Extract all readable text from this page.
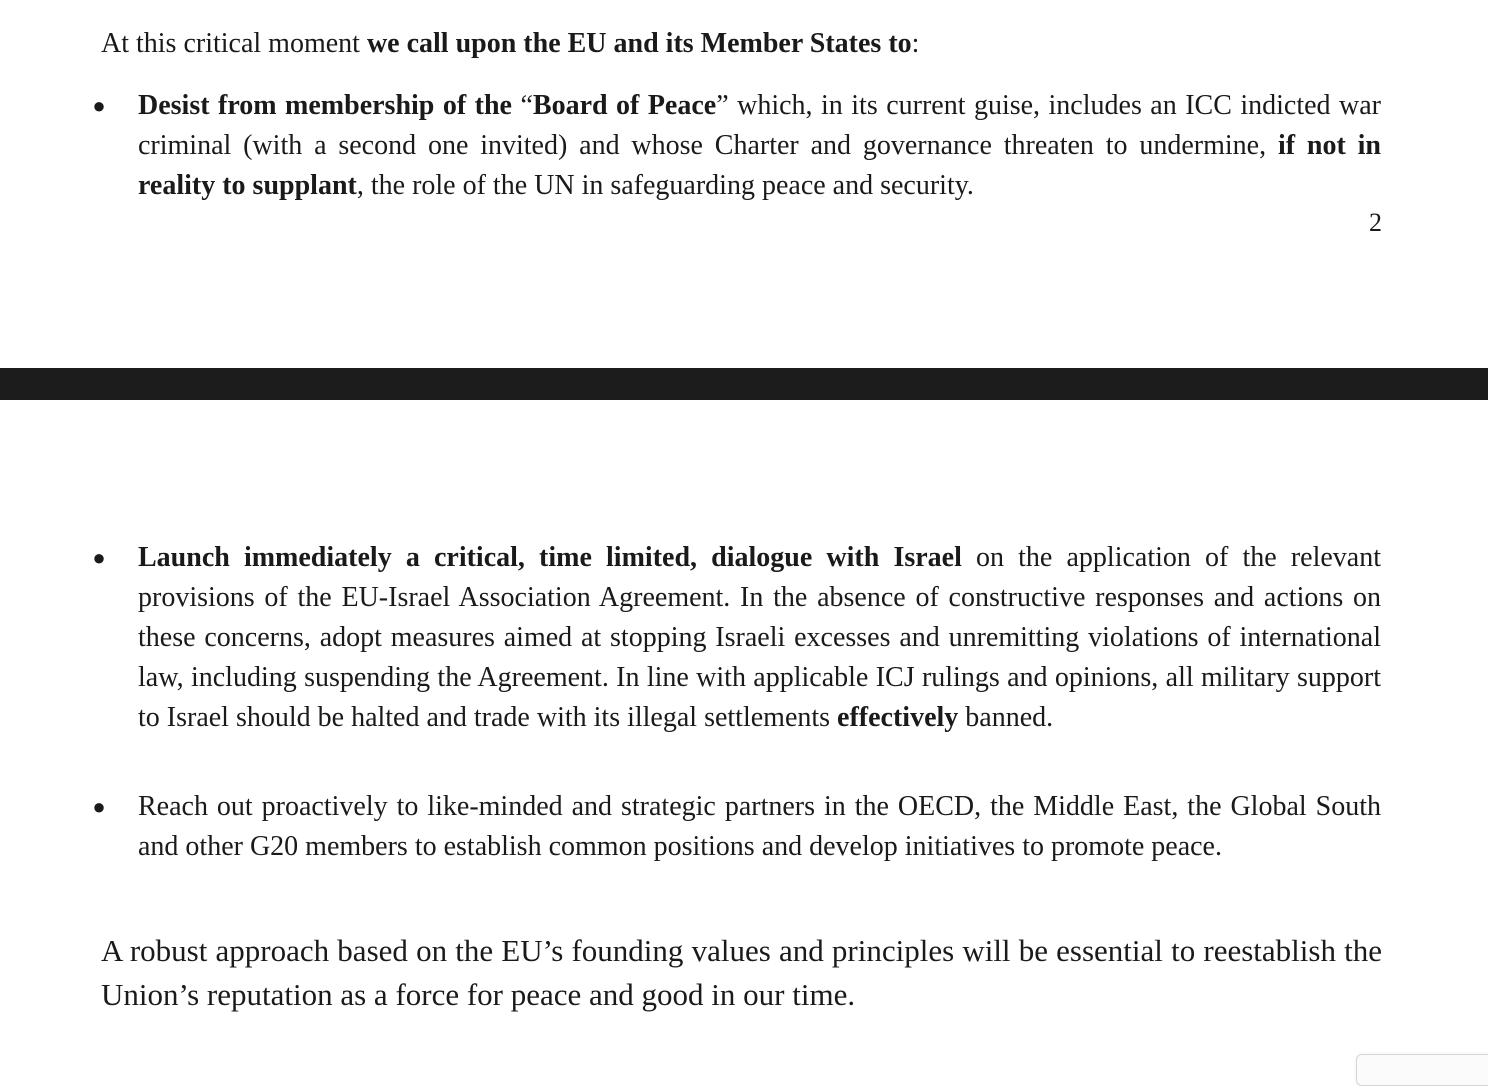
At this critical moment we call upon the EU and its Member States to:

● Desist from membership of the “Board of Peace” which, in its current guise, includes an ICC indicted war criminal (with a second one invited) and whose Charter and governance threaten to undermine, if not in reality to supplant, the role of the UN in safeguarding peace and security.

2
● Launch immediately a critical, time limited, dialogue with Israel on the application of the relevant provisions of the EU-Israel Association Agreement. In the absence of constructive responses and actions on these concerns, adopt measures aimed at stopping Israeli excesses and unremitting violations of international law, including suspending the Agreement. In line with applicable ICJ rulings and opinions, all military support to Israel should be halted and trade with its illegal settlements effectively banned.

● Reach out proactively to like-minded and strategic partners in the OECD, the Middle East, the Global South and other G20 members to establish common positions and develop initiatives to promote peace.

A robust approach based on the EU’s founding values and principles will be essential to reestablish the Union’s reputation as a force for peace and good in our time.
